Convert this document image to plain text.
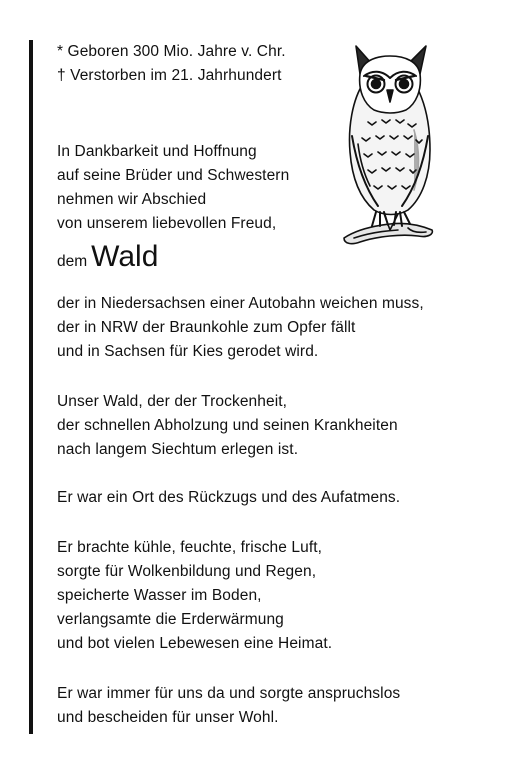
* Geboren 300 Mio. Jahre v. Chr.
† Verstorben im 21. Jahrhundert
In Dankbarkeit und Hoffnung
auf seine Brüder und Schwestern
nehmen wir Abschied
von unserem liebevollen Freud,
dem Wald
der in Niedersachsen einer Autobahn weichen muss,
der in NRW der Braunkohle zum Opfer fällt
und in Sachsen für Kies gerodet wird.
Unser Wald, der der Trockenheit,
der schnellen Abholzung und seinen Krankheiten
nach langem Siechtum erlegen ist.
Er war ein Ort des Rückzugs und des Aufatmens.
Er brachte kühle, feuchte, frische Luft,
sorgte für Wolkenbildung und Regen,
speicherte Wasser im Boden,
verlangsamte die Erderwärmung
und bot vielen Lebewesen eine Heimat.
Er war immer für uns da und sorgte anspruchslos
und bescheiden für unser Wohl.
